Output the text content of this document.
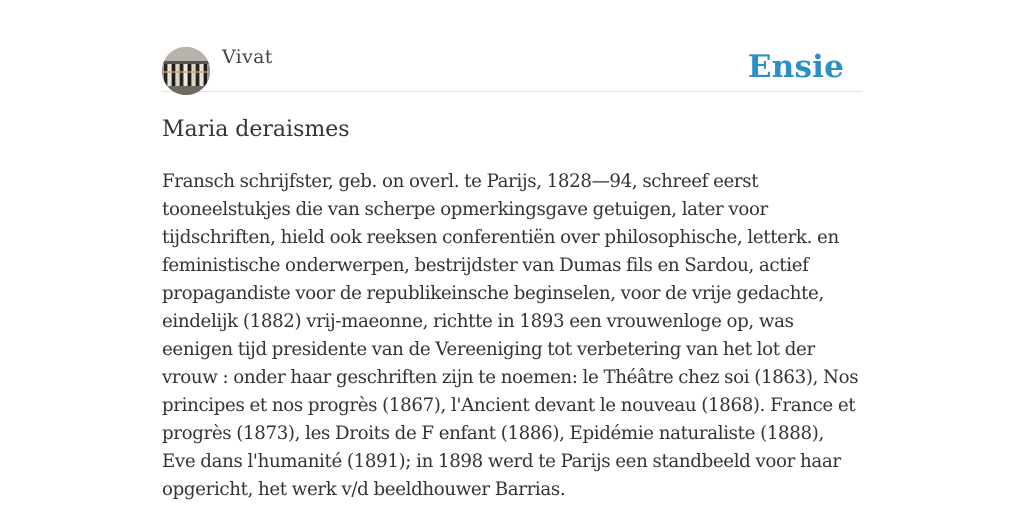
Vivat	Ensie
Maria deraismes

Fransch schrijfster, geb. on overl. te Parijs, 1828—94, schreef eerst tooneelstukjes die van scherpe opmerkingsgave getuigen, later voor tijdschriften, hield ook reeksen conferentiën over philosophische, letterk. en feministische onderwerpen, bestrijdster van Dumas fils en Sardou, actief propagandiste voor de republikeinsche beginselen, voor de vrije gedachte, eindelijk (1882) vrij-maeonne, richtte in 1893 een vrouwenloge op, was eenigen tijd presidente van de Vereeniging tot verbetering van het lot der vrouw : onder haar geschriften zijn te noemen: le Théâtre chez soi (1863), Nos principes et nos progrès (1867), l'Ancient devant le nouveau (1868). France et progrès (1873), les Droits de F enfant (1886), Epidémie naturaliste (1888), Eve dans l'humanité (1891); in 1898 werd te Parijs een standbeeld voor haar opgericht, het werk v/d beeldhouwer Barrias.
